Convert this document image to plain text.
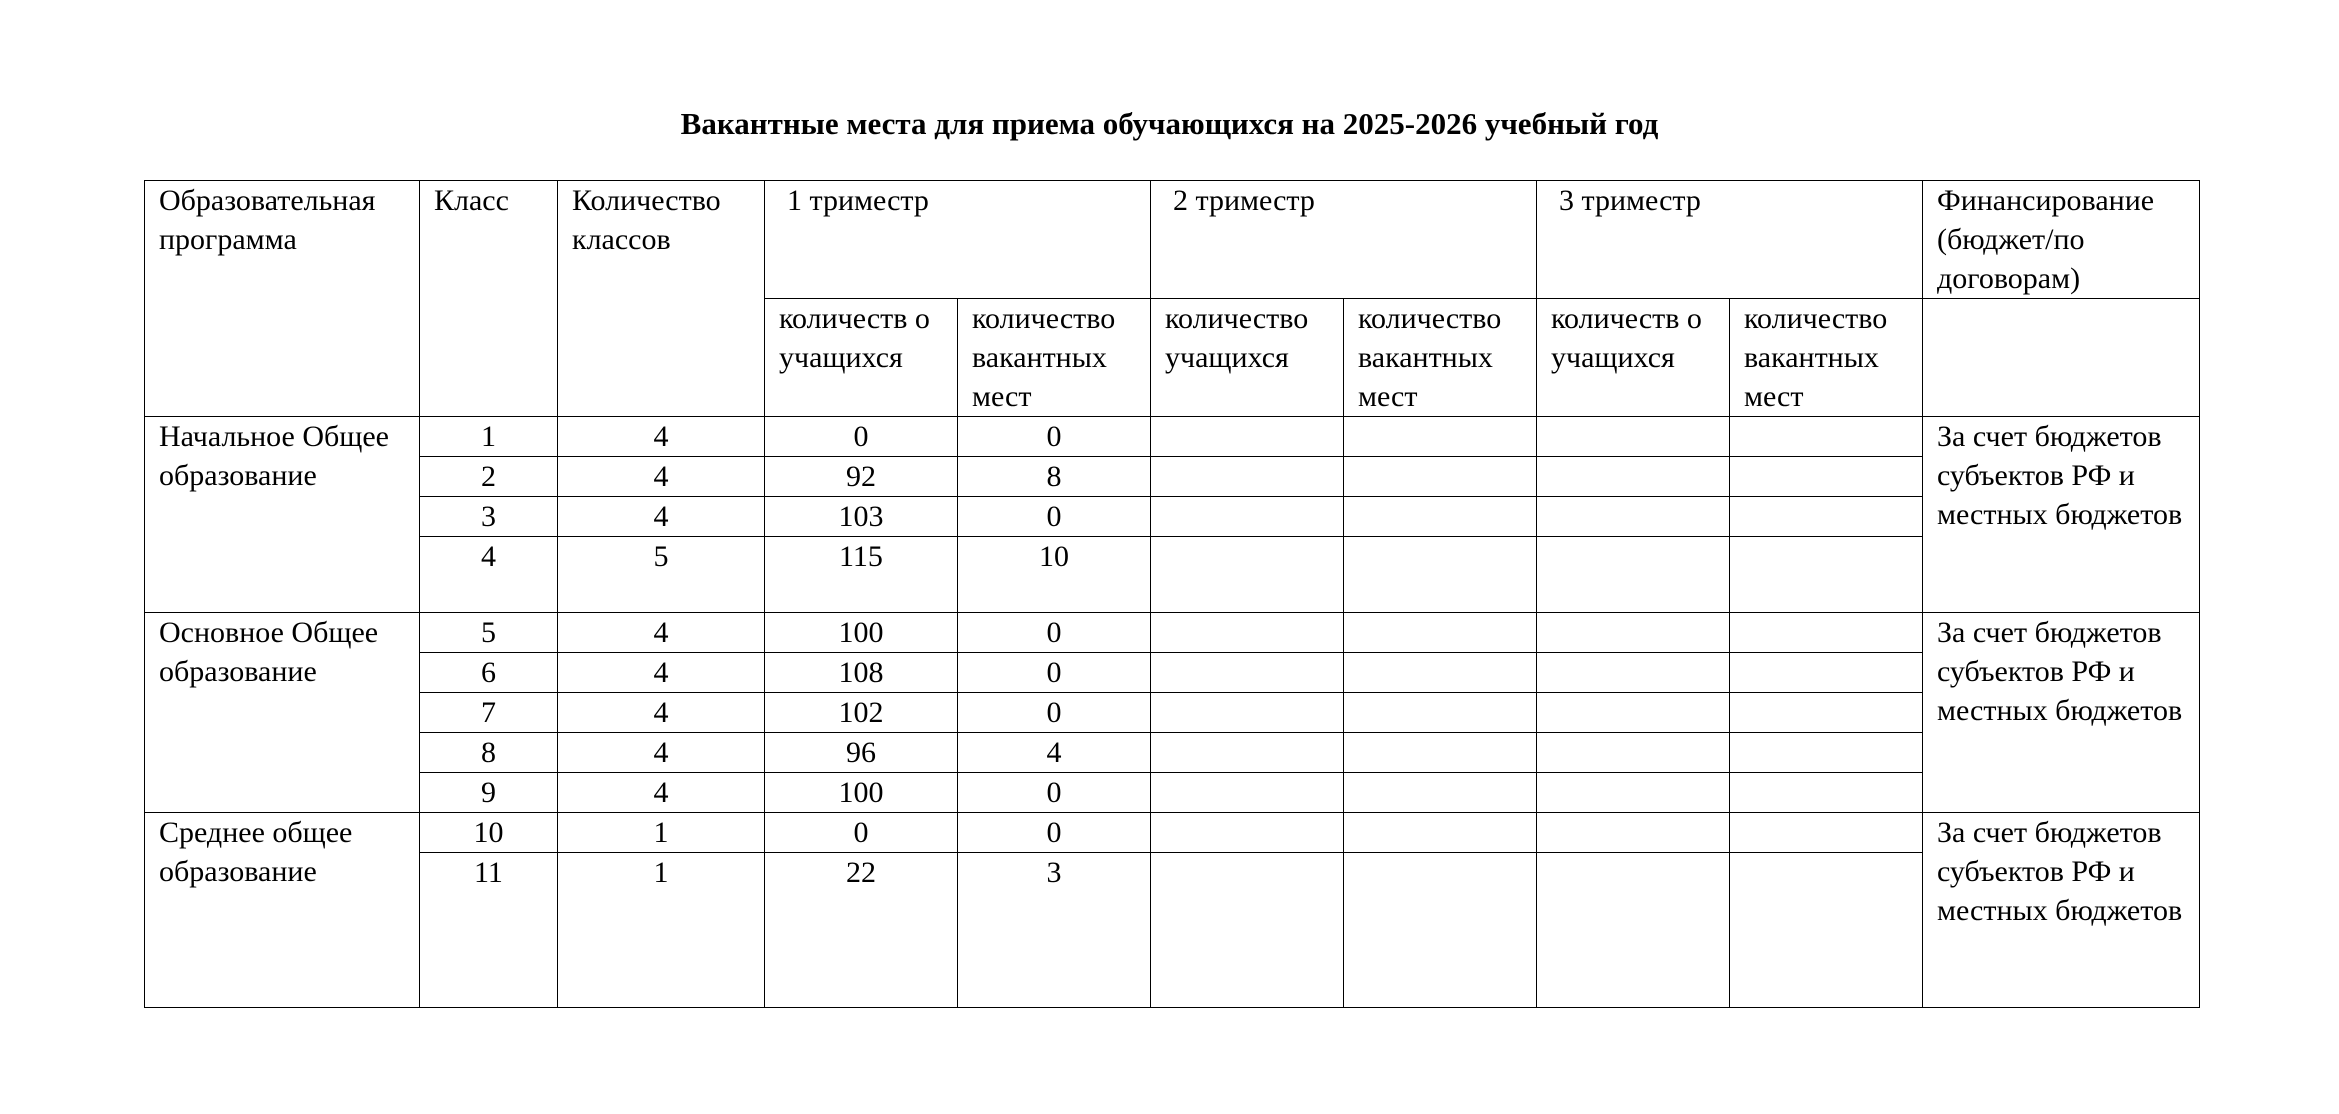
Вакантные места для приема обучающихся на 2025-2026 учебный год
Образовательная программа	Класс	Количество классов	1 триместр		2 триместр		3 триместр		Финансирование (бюджет/по договорам)
			количеств о учащихся	количество вакантных мест	количество учащихся	количество вакантных мест	количеств о учащихся	количество вакантных мест	
Начальное Общее образование	1	4	0	0					За счет бюджетов субъектов РФ и местных бюджетов
	2	4	92	8					
	3	4	103	0					
	4	5	115	10					
Основное Общее образование	5	4	100	0					За счет бюджетов субъектов РФ и местных бюджетов
	6	4	108	0					
	7	4	102	0					
	8	4	96	4					
	9	4	100	0					
Среднее общее образование	10	1	0	0					За счет бюджетов субъектов РФ и местных бюджетов
	11	1	22	3					
